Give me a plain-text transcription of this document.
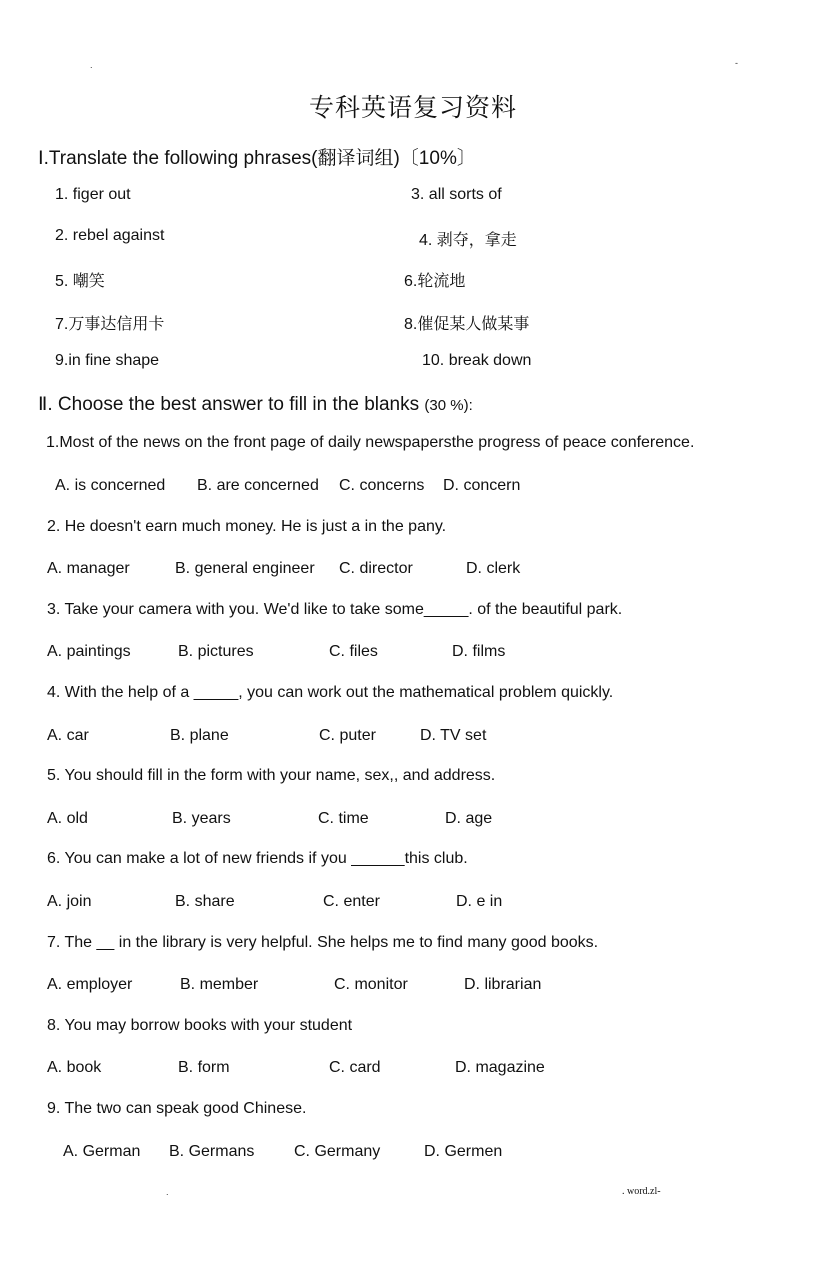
.	-
专科英语复习资料
Ⅰ.Translate the following phrases(翻译词组)〔10%〕
1. figer out	3. all sorts of
2. rebel against	4. 剥夺，拿走
5. 嘲笑	6.轮流地
7.万事达信用卡	8.催促某人做某事
9.in fine shape	10. break down
Ⅱ. Choose the best answer to fill in the blanks (30 %):
1.Most of the news on the front page of daily newspapersthe progress of peace conference.
A. is concerned B. are concerned C. concerns D. concern
2. He doesn't earn much money. He is just a in the pany.
A. manager	B. general engineer C. director	D. clerk
3. Take your camera with you. We'd like to take some_____. of the beautiful park.
A. paintings	B. pictures	C. files	D. films
4. With the help of a _____, you can work out the mathematical problem quickly.
A. car	B. plane	C. puter	D. TV set
5. You should fill in the form with your name, sex,, and address.
A. old	B. years	C. time	D. age
6. You can make a lot of new friends if you ______this club.
A. join	B. share	C. enter	D. e in
7. The __ in the library is very helpful. She helps me to find many good books.
A. employer	B. member	C. monitor	D. librarian
8. You may borrow books with your student
A. book	B. form	C. card	D. magazine
9. The two can speak good Chinese.
A. German B. Germans C. Germany	D. Germen
.	. word.zl-
